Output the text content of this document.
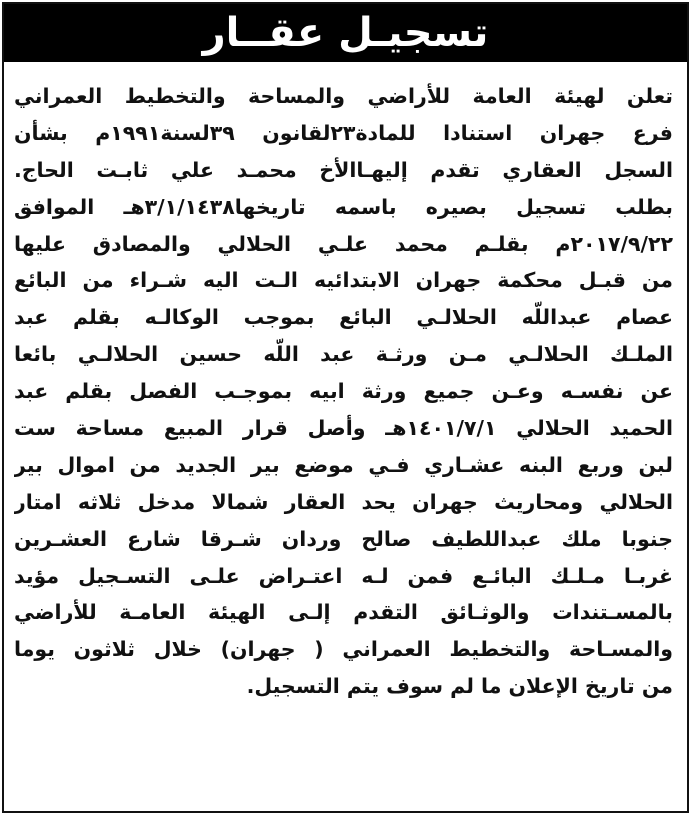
تسجيـل عقــار
تعلن لهيئة العامة للأراضي والمساحة والتخطيط العمراني
فرع جهران استنادا للمادة٢٣لقانون ٣٩لسنة١٩٩١م بشأن
السجل العقاري تقدم إليهـاالأخ محمـد علي ثابـت الحاج.
بطلب تسجيل بصيره باسمه تاريخها٣/١/١٤٣٨هـ الموافق
٢٠١٧/٩/٢٢م بقلـم محمد علـي الحلالي والمصادق عليها
من قبـل محكمة جهران الابتدائيه الـت اليه شـراء من البائع
عصام عبداللّه الحلالـي البائع بموجب الوكالـه بقلم عبد
الملـك الحلالـي مـن ورثـة عبد اللّه حسين الحلالـي بائعا
عن نفسـه وعـن جميع ورثة ابيه بموجـب الفصل بقلم عبد
الحميد الحلالي ١٤٠١/٧/١هـ وأصل قرار المبيع مساحة ست
لبن وربع البنه عشـاري فـي موضع بير الجديد من اموال بير
الحلالي ومحاريث جهران يحد العقار شمالا مدخل ثلاثه امتار
جنوبا ملك عبداللطيف صالح وردان شـرقا شارع العشـرين
غربـا مـلـك البائـع فمن لـه اعتـراض علـى التسـجيل مؤيد
بالمسـتندات والوثـائق التقدم إلـى الهيئة العامـة للأراضي
والمسـاحة والتخطيط العمراني ( جهران) خلال ثلاثون يوما
من تاريخ الإعلان ما لم سوف يتم التسجيل.
